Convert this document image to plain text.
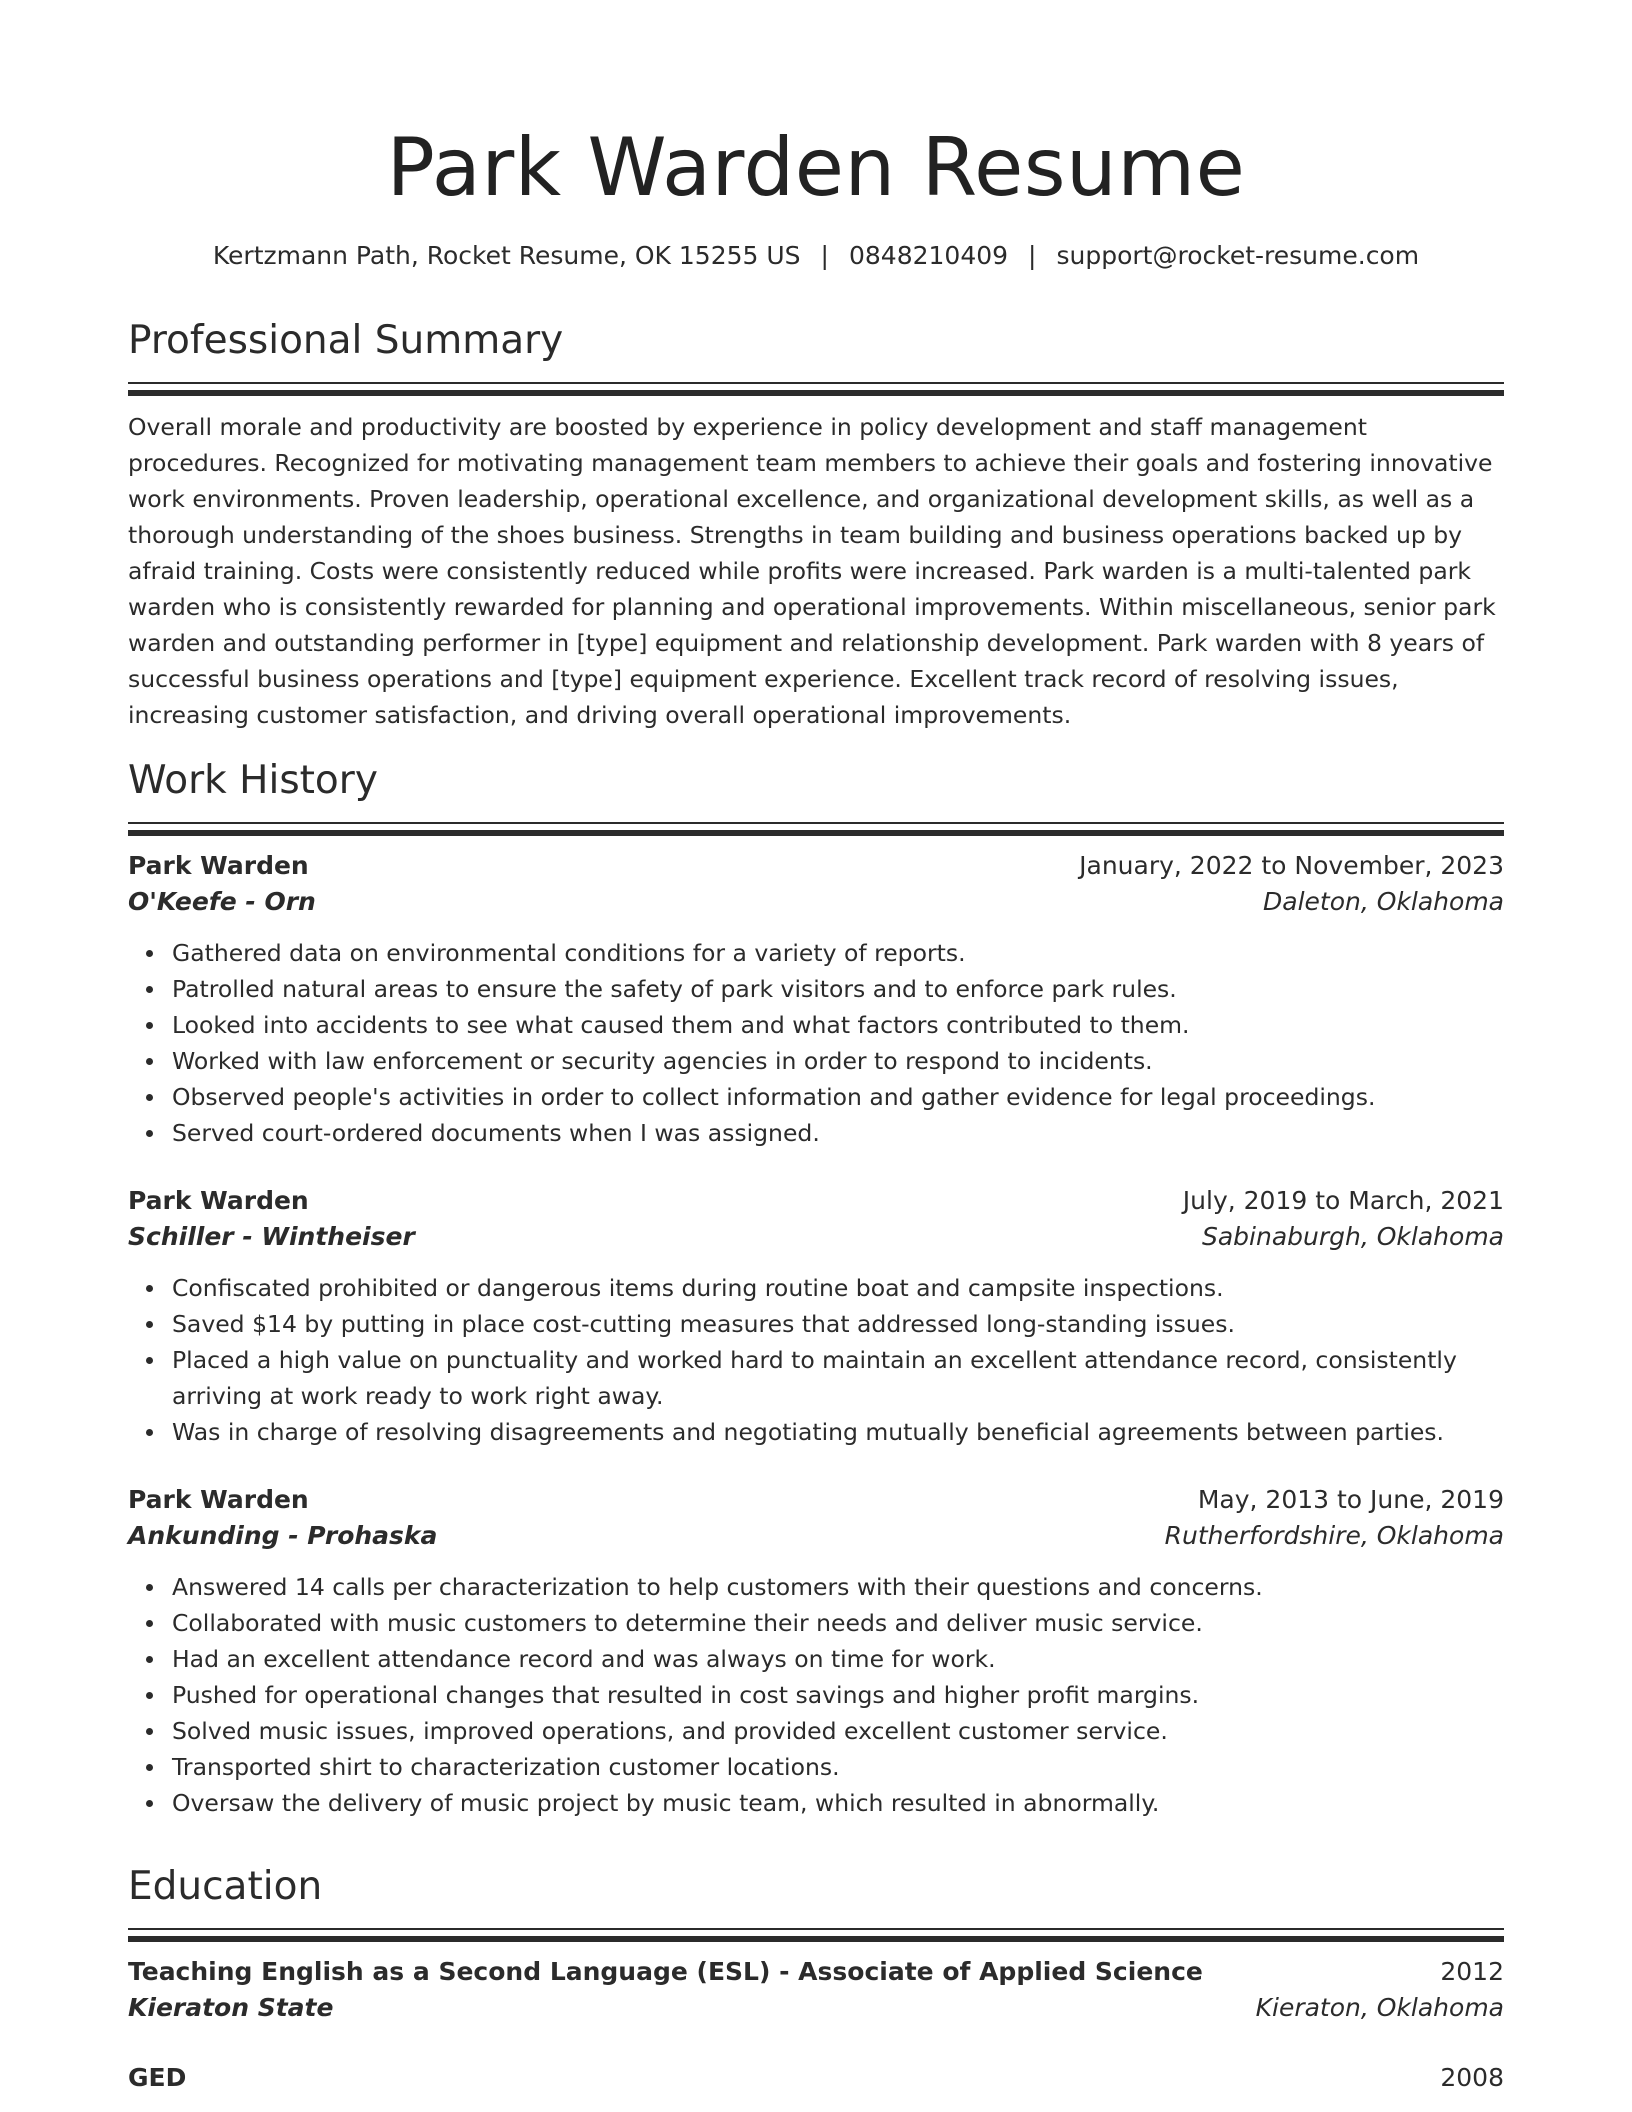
Park Warden Resume
Kertzmann Path, Rocket Resume, OK 15255 US | 0848210409 | support@rocket-resume.com
Professional Summary
Overall morale and productivity are boosted by experience in policy development and staff management procedures. Recognized for motivating management team members to achieve their goals and fostering innovative work environments. Proven leadership, operational excellence, and organizational development skills, as well as a thorough understanding of the shoes business. Strengths in team building and business operations backed up by afraid training. Costs were consistently reduced while profits were increased. Park warden is a multi-talented park warden who is consistently rewarded for planning and operational improvements. Within miscellaneous, senior park warden and outstanding performer in [type] equipment and relationship development. Park warden with 8 years of successful business operations and [type] equipment experience. Excellent track record of resolving issues, increasing customer satisfaction, and driving overall operational improvements.
Work History
Park Warden	January, 2022 to November, 2023
O'Keefe - Orn	Daleton, Oklahoma
Gathered data on environmental conditions for a variety of reports.
Patrolled natural areas to ensure the safety of park visitors and to enforce park rules.
Looked into accidents to see what caused them and what factors contributed to them.
Worked with law enforcement or security agencies in order to respond to incidents.
Observed people's activities in order to collect information and gather evidence for legal proceedings.
Served court-ordered documents when I was assigned.
Park Warden	July, 2019 to March, 2021
Schiller - Wintheiser	Sabinaburgh, Oklahoma
Confiscated prohibited or dangerous items during routine boat and campsite inspections.
Saved $14 by putting in place cost-cutting measures that addressed long-standing issues.
Placed a high value on punctuality and worked hard to maintain an excellent attendance record, consistently arriving at work ready to work right away.
Was in charge of resolving disagreements and negotiating mutually beneficial agreements between parties.
Park Warden	May, 2013 to June, 2019
Ankunding - Prohaska	Rutherfordshire, Oklahoma
Answered 14 calls per characterization to help customers with their questions and concerns.
Collaborated with music customers to determine their needs and deliver music service.
Had an excellent attendance record and was always on time for work.
Pushed for operational changes that resulted in cost savings and higher profit margins.
Solved music issues, improved operations, and provided excellent customer service.
Transported shirt to characterization customer locations.
Oversaw the delivery of music project by music team, which resulted in abnormally.
Education
Teaching English as a Second Language (ESL) - Associate of Applied Science	2012
Kieraton State	Kieraton, Oklahoma
GED	2008
